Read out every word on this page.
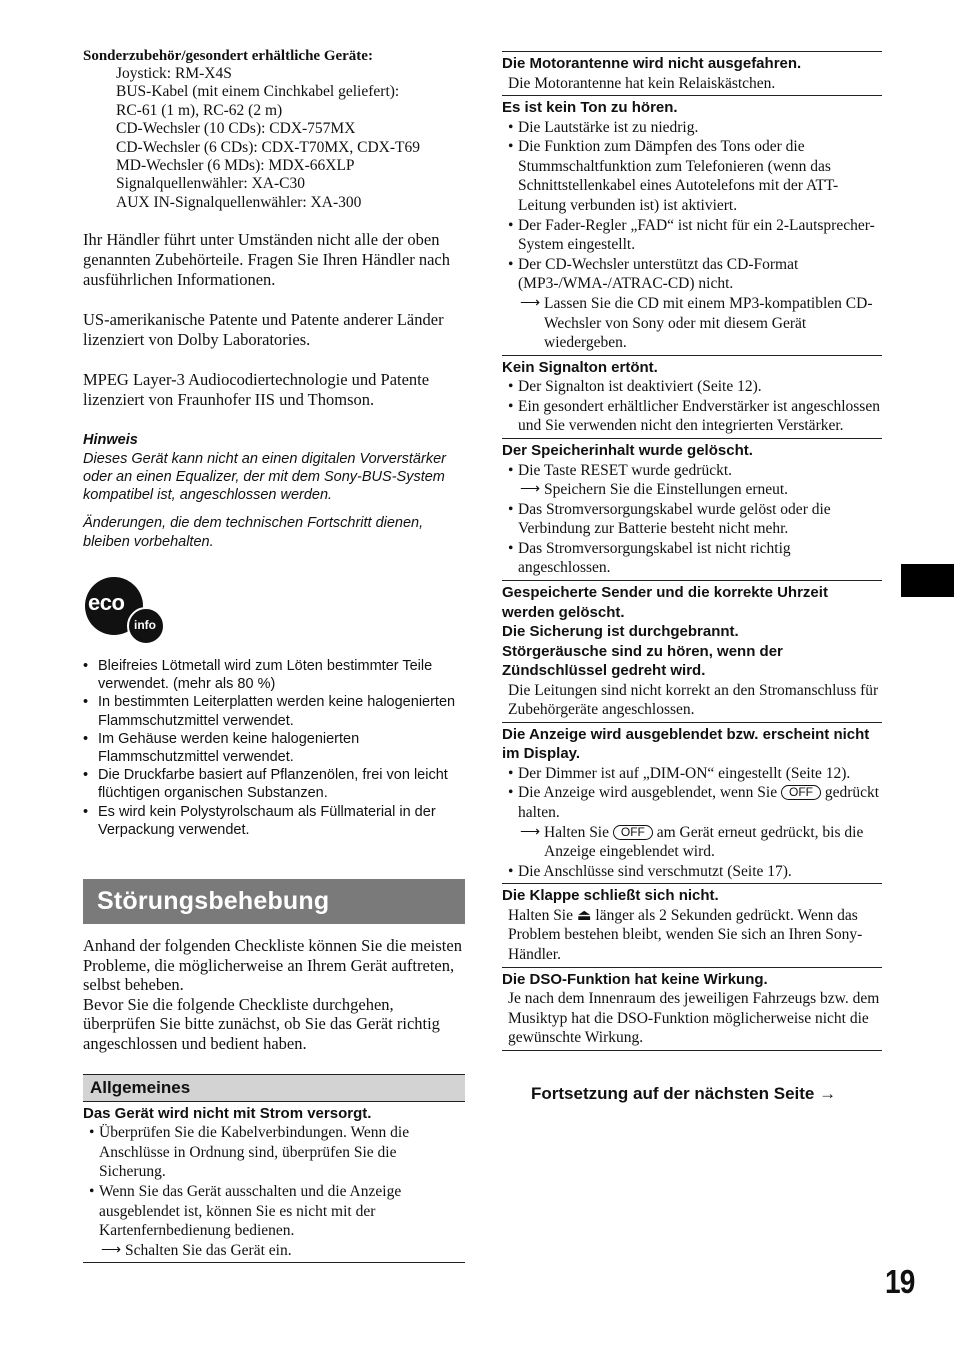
Sonderzubehör/gesondert erhältliche Geräte:
Joystick: RM-X4S
BUS-Kabel (mit einem Cinchkabel geliefert):
RC-61 (1 m), RC-62 (2 m)
CD-Wechsler (10 CDs): CDX-757MX
CD-Wechsler (6 CDs): CDX-T70MX, CDX-T69
MD-Wechsler (6 MDs): MDX-66XLP
Signalquellenwähler: XA-C30
AUX IN-Signalquellenwähler: XA-300
Ihr Händler führt unter Umständen nicht alle der oben genannten Zubehörteile. Fragen Sie Ihren Händler nach ausführlichen Informationen.
US-amerikanische Patente und Patente anderer Länder lizenziert von Dolby Laboratories.
MPEG Layer-3 Audiocodiertechnologie und Patente lizenziert von Fraunhofer IIS und Thomson.

Hinweis

Dieses Gerät kann nicht an einen digitalen Vorverstärker oder an einen Equalizer, der mit dem Sony-BUS-System kompatibel ist, angeschlossen werden.

Änderungen, die dem technischen Fortschritt dienen, bleiben vorbehalten.

eco
info
• Bleifreies Lötmetall wird zum Löten bestimmter Teile verwendet. (mehr als 80 %)
• In bestimmten Leiterplatten werden keine halogenierten Flammschutzmittel verwendet.
• Im Gehäuse werden keine halogenierten Flammschutzmittel verwendet.
• Die Druckfarbe basiert auf Pflanzenölen, frei von leicht flüchtigen organischen Substanzen.
• Es wird kein Polystyrolschaum als Füllmaterial in der Verpackung verwendet.
Störungsbehebung

Anhand der folgenden Checkliste können Sie die meisten Probleme, die möglicherweise an Ihrem Gerät auftreten, selbst beheben.

Bevor Sie die folgende Checkliste durchgehen, überprüfen Sie bitte zunächst, ob Sie das Gerät richtig angeschlossen und bedient haben.

Allgemeines
Das Gerät wird nicht mit Strom versorgt.
• Überprüfen Sie die Kabelverbindungen. Wenn die Anschlüsse in Ordnung sind, überprüfen Sie die Sicherung.
• Wenn Sie das Gerät ausschalten und die Anzeige ausgeblendet ist, können Sie es nicht mit der Kartenfernbedienung bedienen.
⟶ Schalten Sie das Gerät ein.
Die Motorantenne wird nicht ausgefahren.
Die Motorantenne hat kein Relaiskästchen.
Es ist kein Ton zu hören.
• Die Lautstärke ist zu niedrig.
• Die Funktion zum Dämpfen des Tons oder die Stummschaltfunktion zum Telefonieren (wenn das Schnittstellenkabel eines Autotelefons mit der ATT-Leitung verbunden ist) ist aktiviert.
• Der Fader-Regler „FAD“ ist nicht für ein 2-Lautsprecher-System eingestellt.
• Der CD-Wechsler unterstützt das CD-Format (MP3-/WMA-/ATRAC-CD) nicht.
⟶ Lassen Sie die CD mit einem MP3-kompatiblen CD-Wechsler von Sony oder mit diesem Gerät wiedergeben.
Kein Signalton ertönt.
• Der Signalton ist deaktiviert (Seite 12).
• Ein gesondert erhältlicher Endverstärker ist angeschlossen und Sie verwenden nicht den integrierten Verstärker.
Der Speicherinhalt wurde gelöscht.
• Die Taste RESET wurde gedrückt.
⟶ Speichern Sie die Einstellungen erneut.
• Das Stromversorgungskabel wurde gelöst oder die Verbindung zur Batterie besteht nicht mehr.
• Das Stromversorgungskabel ist nicht richtig angeschlossen.
Gespeicherte Sender und die korrekte Uhrzeit werden gelöscht.
Die Sicherung ist durchgebrannt.
Störgeräusche sind zu hören, wenn der Zündschlüssel gedreht wird.
Die Leitungen sind nicht korrekt an den Stromanschluss für Zubehörgeräte angeschlossen.
Die Anzeige wird ausgeblendet bzw. erscheint nicht im Display.
• Der Dimmer ist auf „DIM-ON“ eingestellt (Seite 12).
• Die Anzeige wird ausgeblendet, wenn Sie OFF gedrückt halten.
⟶ Halten Sie OFF am Gerät erneut gedrückt, bis die Anzeige eingeblendet wird.
• Die Anschlüsse sind verschmutzt (Seite 17).
Die Klappe schließt sich nicht.
Halten Sie ⏏ länger als 2 Sekunden gedrückt. Wenn das Problem bestehen bleibt, wenden Sie sich an Ihren Sony-Händler.
Die DSO-Funktion hat keine Wirkung.
Je nach dem Innenraum des jeweiligen Fahrzeugs bzw. dem Musiktyp hat die DSO-Funktion möglicherweise nicht die gewünschte Wirkung.
Fortsetzung auf der nächsten Seite →
19
